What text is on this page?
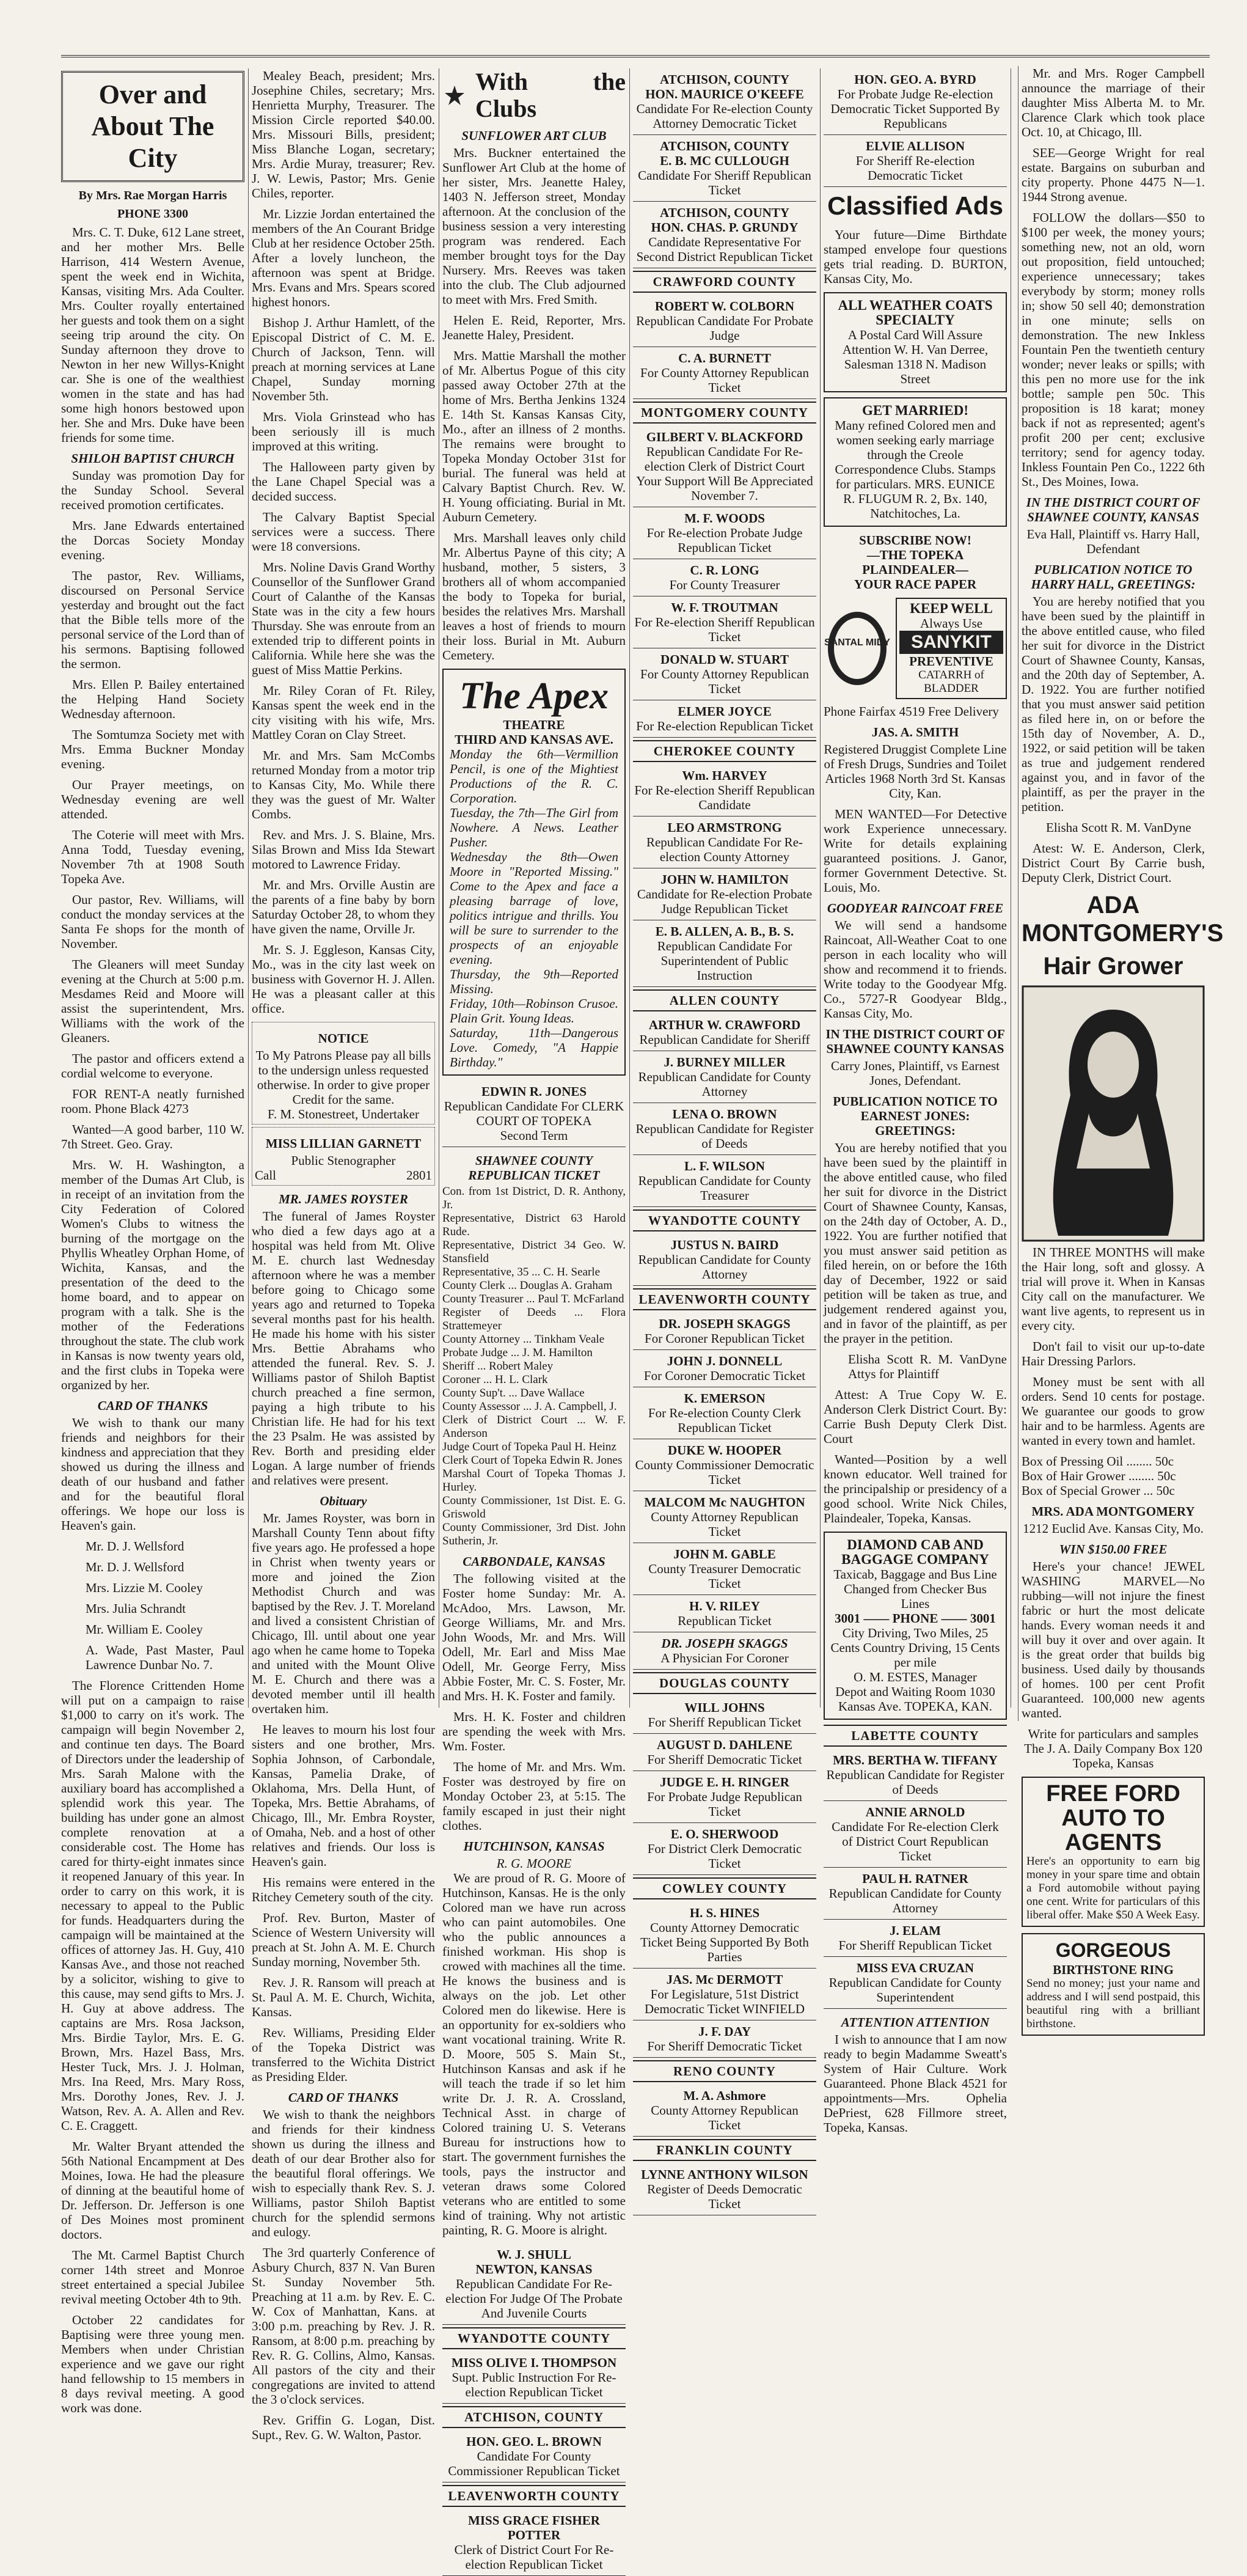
Over and About The City
By Mrs. Rae Morgan Harris
PHONE 3300

Mrs. C. T. Duke, 612 Lane street, and her mother Mrs. Belle Harrison, 414 Western Avenue, spent the week end in Wichita, Kansas, visiting Mrs. Ada Coulter. Mrs. Coulter royally entertained her guests and took them on a sight seeing trip around the city. On Sunday afternoon they drove to Newton in her new Willys-Knight car. She is one of the wealthiest women in the state and has had some high honors bestowed upon her. She and Mrs. Duke have been friends for some time.

SHILOH BAPTIST CHURCH

Sunday was promotion Day for the Sunday School. Several received promotion certificates.

Mrs. Jane Edwards entertained the Dorcas Society Monday evening.

The pastor, Rev. Williams, discoursed on Personal Service yesterday and brought out the fact that the Bible tells more of the personal service of the Lord than of his sermons. Baptising followed the sermon.

Mrs. Ellen P. Bailey entertained the Helping Hand Society Wednesday afternoon.

The Somtumza Society met with Mrs. Emma Buckner Monday evening.

Our Prayer meetings, on Wednesday evening are well attended.

The Coterie will meet with Mrs. Anna Todd, Tuesday evening, November 7th at 1908 South Topeka Ave.

Our pastor, Rev. Williams, will conduct the monday services at the Santa Fe shops for the month of November.

The Gleaners will meet Sunday evening at the Church at 5:00 p.m. Mesdames Reid and Moore will assist the superintendent, Mrs. Williams with the work of the Gleaners.

The pastor and officers extend a cordial welcome to everyone.

FOR RENT-A neatly furnished room. Phone Black 4273

Wanted—A good barber, 110 W. 7th Street. Geo. Gray.

Mrs. W. H. Washington, a member of the Dumas Art Club, is in receipt of an invitation from the City Federation of Colored Women's Clubs to witness the burning of the mortgage on the Phyllis Wheatley Orphan Home, of Wichita, Kansas, and the presentation of the deed to the home board, and to appear on program with a talk. She is the mother of the Federations throughout the state. The club work in Kansas is now twenty years old, and the first clubs in Topeka were organized by her.

CARD OF THANKS

We wish to thank our many friends and neighbors for their kindness and appreciation that they showed us during the illness and death of our husband and father and for the beautiful floral offerings. We hope our loss is Heaven's gain.

Mr. D. J. Wellsford
Mr. D. J. Wellsford
Mrs. Lizzie M. Cooley
Mrs. Julia Schrandt
Mr. William E. Cooley
A. Wade, Past Master, Paul Lawrence Dunbar No. 7.

The Florence Crittenden Home will put on a campaign to raise $1,000 to carry on it's work. The campaign will begin November 2, and continue ten days. The Board of Directors under the leadership of Mrs. Sarah Malone with the auxiliary board has accomplished a splendid work this year. The building has under gone an almost complete renovation at a considerable cost. The Home has cared for thirty-eight inmates since it reopened January of this year. In order to carry on this work, it is necessary to appeal to the Public for funds. Headquarters during the campaign will be maintained at the offices of attorney Jas. H. Guy, 410 Kansas Ave., and those not reached by a solicitor, wishing to give to this cause, may send gifts to Mrs. J. H. Guy at above address. The captains are Mrs. Rosa Jackson, Mrs. Birdie Taylor, Mrs. E. G. Brown, Mrs. Hazel Bass, Mrs. Hester Tuck, Mrs. J. J. Holman, Mrs. Ina Reed, Mrs. Mary Ross, Mrs. Dorothy Jones, Rev. J. J. Watson, Rev. A. A. Allen and Rev. C. E. Craggett.

Mr. Walter Bryant attended the 56th National Encampment at Des Moines, Iowa. He had the pleasure of dinning at the beautiful home of Dr. Jefferson. Dr. Jefferson is one of Des Moines most prominent doctors.

The Mt. Carmel Baptist Church corner 14th street and Monroe street entertained a special Jubilee revival meeting October 4th to 9th.

October 22 candidates for Baptising were three young men. Members when under Christian experience and we gave our right hand fellowship to 15 members in 8 days revival meeting. A good work was done.

Mealey Beach, president; Mrs. Josephine Chiles, secretary; Mrs. Henrietta Murphy, Treasurer. The Mission Circle reported $40.00. Mrs. Missouri Bills, president; Miss Blanche Logan, secretary; Mrs. Ardie Muray, treasurer; Rev. J. W. Lewis, Pastor; Mrs. Genie Chiles, reporter.

Mr. Lizzie Jordan entertained the members of the An Courant Bridge Club at her residence October 25th. After a lovely luncheon, the afternoon was spent at Bridge. Mrs. Evans and Mrs. Spears scored highest honors.

Bishop J. Arthur Hamlett, of the Episcopal District of C. M. E. Church of Jackson, Tenn. will preach at morning services at Lane Chapel, Sunday morning November 5th.

Mrs. Viola Grinstead who has been seriously ill is much improved at this writing.

The Halloween party given by the Lane Chapel Special was a decided success.

The Calvary Baptist Special services were a success. There were 18 conversions.

Mrs. Noline Davis Grand Worthy Counsellor of the Sunflower Grand Court of Calanthe of the Kansas State was in the city a few hours Thursday. She was enroute from an extended trip to different points in California. While here she was the guest of Miss Mattie Perkins.

Mr. Riley Coran of Ft. Riley, Kansas spent the week end in the city visiting with his wife, Mrs. Mattley Coran on Clay Street.

Mr. and Mrs. Sam McCombs returned Monday from a motor trip to Kansas City, Mo. While there they was the guest of Mr. Walter Combs.

Rev. and Mrs. J. S. Blaine, Mrs. Silas Brown and Miss Ida Stewart motored to Lawrence Friday.

Mr. and Mrs. Orville Austin are the parents of a fine baby by born Saturday October 28, to whom they have given the name, Orville Jr.

Mr. S. J. Eggleson, Kansas City, Mo., was in the city last week on business with Governor H. J. Allen. He was a pleasant caller at this office.

NOTICE
To My Patrons Please pay all bills to the undersign unless requested otherwise. In order to give proper Credit for the same.
F. M. Stonestreet, Undertaker
MISS LILLIAN GARNETT
Public Stenographer
Call	2801
MR. JAMES ROYSTER

The funeral of James Royster who died a few days ago at a hospital was held from Mt. Olive M. E. church last Wednesday afternoon where he was a member before going to Chicago some years ago and returned to Topeka several months past for his health. He made his home with his sister Mrs. Bettie Abrahams who attended the funeral. Rev. S. J. Williams pastor of Shiloh Baptist church preached a fine sermon, paying a high tribute to his Christian life. He had for his text the 23 Psalm. He was assisted by Rev. Borth and presiding elder Logan. A large number of friends and relatives were present.

Obituary

Mr. James Royster, was born in Marshall County Tenn about fifty five years ago. He professed a hope in Christ when twenty years or more and joined the Zion Methodist Church and was baptised by the Rev. J. T. Moreland and lived a consistent Christian of Chicago, Ill. until about one year ago when he came home to Topeka and united with the Mount Olive M. E. Church and there was a devoted member until ill health overtaken him.

He leaves to mourn his lost four sisters and one brother, Mrs. Sophia Johnson, of Carbondale, Kansas, Pamelia Drake, of Oklahoma, Mrs. Della Hunt, of Topeka, Mrs. Bettie Abrahams, of Chicago, Ill., Mr. Embra Royster, of Omaha, Neb. and a host of other relatives and friends. Our loss is Heaven's gain.

His remains were entered in the Ritchey Cemetery south of the city.

Prof. Rev. Burton, Master of Science of Western University will preach at St. John A. M. E. Church Sunday morning, November 5th.

Rev. J. R. Ransom will preach at St. Paul A. M. E. Church, Wichita, Kansas.

Rev. Williams, Presiding Elder of the Topeka District was transferred to the Wichita District as Presiding Elder.

CARD OF THANKS

We wish to thank the neighbors and friends for their kindness shown us during the illness and death of our dear Brother also for the beautiful floral offerings. We wish to especially thank Rev. S. J. Williams, pastor Shiloh Baptist church for the splendid sermons and eulogy.

The 3rd quarterly Conference of Asbury Church, 837 N. Van Buren St. Sunday November 5th. Preaching at 11 a.m. by Rev. E. C. W. Cox of Manhattan, Kans. at 3:00 p.m. preaching by Rev. J. R. Ransom, at 8:00 p.m. preaching by Rev. R. G. Collins, Almo, Kansas. All pastors of the city and their congregations are invited to attend the 3 o'clock services.

Rev. Griffin G. Logan, Dist. Supt., Rev. G. W. Walton, Pastor.

With the Clubs
SUNFLOWER ART CLUB

Mrs. Buckner entertained the Sunflower Art Club at the home of her sister, Mrs. Jeanette Haley, 1403 N. Jefferson street, Monday afternoon. At the conclusion of the business session a very interesting program was rendered. Each member brought toys for the Day Nursery. Mrs. Reeves was taken into the club. The Club adjourned to meet with Mrs. Fred Smith.

Helen E. Reid, Reporter, Mrs. Jeanette Haley, President.

Mrs. Mattie Marshall the mother of Mr. Albertus Pogue of this city passed away October 27th at the home of Mrs. Bertha Jenkins 1324 E. 14th St. Kansas Kansas City, Mo., after an illness of 2 months. The remains were brought to Topeka Monday October 31st for burial. The funeral was held at Calvary Baptist Church. Rev. W. H. Young officiating. Burial in Mt. Auburn Cemetery.

Mrs. Marshall leaves only child Mr. Albertus Payne of this city; A husband, mother, 5 sisters, 3 brothers all of whom accompanied the body to Topeka for burial, besides the relatives Mrs. Marshall leaves a host of friends to mourn their loss. Burial in Mt. Auburn Cemetery.

The Apex
THEATRE
THIRD AND KANSAS AVE.
Monday the 6th—Vermillion Pencil, is one of the Mightiest Productions of the R. C. Corporation.
Tuesday, the 7th—The Girl from Nowhere. A News. Leather Pusher.
Wednesday the 8th—Owen Moore in "Reported Missing." Come to the Apex and face a pleasing barrage of love, politics intrigue and thrills. You will be sure to surrender to the prospects of an enjoyable evening.
Thursday, the 9th—Reported Missing.
Friday, 10th—Robinson Crusoe. Plain Grit. Young Ideas.
Saturday, 11th—Dangerous Love. Comedy, "A Happie Birthday."
EDWIN R. JONES
Republican Candidate For CLERK COURT OF TOPEKA
Second Term
SHAWNEE COUNTY REPUBLICAN TICKET
Con. from 1st District, D. R. Anthony, Jr.
Representative, District 63 Harold Rude.
Representative, District 34 Geo. W. Stansfield
Representative, 35 ... C. H. Searle
County Clerk ... Douglas A. Graham
County Treasurer ... Paul T. McFarland
Register of Deeds ... Flora Strattemeyer
County Attorney ... Tinkham Veale
Probate Judge ... J. M. Hamilton
Sheriff ... Robert Maley
Coroner ... H. L. Clark
County Sup't. ... Dave Wallace
County Assessor ... J. A. Campbell, J.
Clerk of District Court ... W. F. Anderson
Judge Court of Topeka Paul H. Heinz
Clerk Court of Topeka Edwin R. Jones
Marshal Court of Topeka Thomas J. Hurley.
County Commissioner, 1st Dist. E. G. Griswold
County Commissioner, 3rd Dist. John Sutherin, Jr.
CARBONDALE, KANSAS

The following visited at the Foster home Sunday: Mr. A. McAdoo, Mrs. Lawson, Mr. George Williams, Mr. and Mrs. John Woods, Mr. and Mrs. Will Odell, Mr. Earl and Miss Mae Odell, Mr. George Ferry, Miss Abbie Foster, Mr. C. S. Foster, Mr. and Mrs. H. K. Foster and family.

Mrs. H. K. Foster and children are spending the week with Mrs. Wm. Foster.

The home of Mr. and Mrs. Wm. Foster was destroyed by fire on Monday October 23, at 5:15. The family escaped in just their night clothes.

HUTCHINSON, KANSAS
R. G. MOORE

We are proud of R. G. Moore of Hutchinson, Kansas. He is the only Colored man we have run across who can paint automobiles. One who the public announces a finished workman. His shop is crowed with machines all the time. He knows the business and is always on the job. Let other Colored men do likewise. Here is an opportunity for ex-soldiers who want vocational training. Write R. D. Moore, 505 S. Main St., Hutchinson Kansas and ask if he will teach the trade if so let him write Dr. J. R. A. Crossland, Technical Asst. in charge of Colored training U. S. Veterans Bureau for instructions how to start. The government furnishes the tools, pays the instructor and veteran draws some Colored veterans who are entitled to some kind of training. Why not artistic painting, R. G. Moore is alright.

W. J. SHULL
NEWTON, KANSAS
Republican Candidate For Re-election For Judge Of The Probate And Juvenile Courts
WYANDOTTE COUNTY
MISS OLIVE I. THOMPSON
Supt. Public Instruction For Re-election Republican Ticket
ATCHISON, COUNTY
HON. GEO. L. BROWN
Candidate For County Commissioner Republican Ticket
LEAVENWORTH COUNTY
MISS GRACE FISHER POTTER
Clerk of District Court For Re-election Republican Ticket
ATCHISON, COUNTY
HON. MAURICE O'KEEFE
Candidate For Re-election County Attorney Democratic Ticket
ATCHISON, COUNTY
E. B. MC CULLOUGH
Candidate For Sheriff Republican Ticket
ATCHISON, COUNTY
HON. CHAS. P. GRUNDY
Candidate Representative For Second District Republican Ticket
CRAWFORD COUNTY
ROBERT W. COLBORN
Republican Candidate For Probate Judge
C. A. BURNETT
For County Attorney Republican Ticket
MONTGOMERY COUNTY
GILBERT V. BLACKFORD
Republican Candidate For Re-election Clerk of District Court Your Support Will Be Appreciated November 7.
M. F. WOODS
For Re-election Probate Judge Republican Ticket
C. R. LONG
For County Treasurer
W. F. TROUTMAN
For Re-election Sheriff Republican Ticket
DONALD W. STUART
For County Attorney Republican Ticket
ELMER JOYCE
For Re-election Republican Ticket
CHEROKEE COUNTY
Wm. HARVEY
For Re-election Sheriff Republican Candidate
LEO ARMSTRONG
Republican Candidate For Re-election County Attorney
JOHN W. HAMILTON
Candidate for Re-election Probate Judge Republican Ticket
E. B. ALLEN, A. B., B. S.
Republican Candidate For Superintendent of Public Instruction
ALLEN COUNTY
ARTHUR W. CRAWFORD
Republican Candidate for Sheriff
J. BURNEY MILLER
Republican Candidate for County Attorney
LENA O. BROWN
Republican Candidate for Register of Deeds
L. F. WILSON
Republican Candidate for County Treasurer
WYANDOTTE COUNTY
JUSTUS N. BAIRD
Republican Candidate for County Attorney
LEAVENWORTH COUNTY
DR. JOSEPH SKAGGS
For Coroner Republican Ticket
JOHN J. DONNELL
For Coroner Democratic Ticket
K. EMERSON
For Re-election County Clerk Republican Ticket
DUKE W. HOOPER
County Commissioner Democratic Ticket
MALCOM Mc NAUGHTON
County Attorney Republican Ticket
JOHN M. GABLE
County Treasurer Democratic Ticket
H. V. RILEY
Republican Ticket
DR. JOSEPH SKAGGS
A Physician For Coroner
DOUGLAS COUNTY
WILL JOHNS
For Sheriff Republican Ticket
AUGUST D. DAHLENE
For Sheriff Democratic Ticket
JUDGE E. H. RINGER
For Probate Judge Republican Ticket
E. O. SHERWOOD
For District Clerk Democratic Ticket
COWLEY COUNTY
H. S. HINES
County Attorney Democratic Ticket Being Supported By Both Parties
JAS. Mc DERMOTT
For Legislature, 51st District Democratic Ticket WINFIELD
J. F. DAY
For Sheriff Democratic Ticket
RENO COUNTY
M. A. Ashmore
County Attorney Republican Ticket
FRANKLIN COUNTY
LYNNE ANTHONY WILSON
Register of Deeds Democratic Ticket
HON. GEO. A. BYRD
For Probate Judge Re-election Democratic Ticket Supported By Republicans
ELVIE ALLISON
For Sheriff Re-election Democratic Ticket
Classified Ads

Your future—Dime Birthdate stamped envelope four questions gets trial reading. D. BURTON, Kansas City, Mo.

ALL WEATHER COATS SPECIALTY
A Postal Card Will Assure Attention W. H. Van Derree, Salesman 1318 N. Madison Street
GET MARRIED!
Many refined Colored men and women seeking early marriage through the Creole Correspondence Clubs. Stamps for particulars. MRS. EUNICE R. FLUGUM R. 2, Bx. 140, Natchitoches, La.
SUBSCRIBE NOW!
—THE TOPEKA PLAINDEALER—
YOUR RACE PAPER
SANTAL MIDY
KEEP WELL
Always Use
SANYKIT
PREVENTIVE
CATARRH of BLADDER
Phone Fairfax 4519 Free Delivery
JAS. A. SMITH
Registered Druggist Complete Line of Fresh Drugs, Sundries and Toilet Articles 1968 North 3rd St. Kansas City, Kan.

MEN WANTED—For Detective work Experience unnecessary. Write for details explaining guaranteed positions. J. Ganor, former Government Detective. St. Louis, Mo.

GOODYEAR RAINCOAT FREE

We will send a handsome Raincoat, All-Weather Coat to one person in each locality who will show and recommend it to friends. Write today to the Goodyear Mfg. Co., 5727-R Goodyear Bldg., Kansas City, Mo.

IN THE DISTRICT COURT OF SHAWNEE COUNTY KANSAS
Carry Jones, Plaintiff, vs Earnest Jones, Defendant.
PUBLICATION NOTICE TO EARNEST JONES: GREETINGS:

You are hereby notified that you have been sued by the plaintiff in the above entitled cause, who filed her suit for divorce in the District Court of Shawnee County, Kansas, on the 24th day of October, A. D., 1922. You are further notified that you must answer said petition as filed herein, on or before the 16th day of December, 1922 or said petition will be taken as true, and judgement rendered against you, and in favor of the plaintiff, as per the prayer in the petition.

Elisha Scott R. M. VanDyne Attys for Plaintiff

Attest: A True Copy W. E. Anderson Clerk District Court. By: Carrie Bush Deputy Clerk Dist. Court

Wanted—Position by a well known educator. Well trained for the principalship or presidency of a good school. Write Nick Chiles, Plaindealer, Topeka, Kansas.

DIAMOND CAB AND BAGGAGE COMPANY
Taxicab, Baggage and Bus Line Changed from Checker Bus Lines
3001 —— PHONE —— 3001
City Driving, Two Miles, 25 Cents Country Driving, 15 Cents per mile
O. M. ESTES, Manager
Depot and Waiting Room 1030 Kansas Ave. TOPEKA, KAN.
LABETTE COUNTY
MRS. BERTHA W. TIFFANY
Republican Candidate for Register of Deeds
ANNIE ARNOLD
Candidate For Re-election Clerk of District Court Republican Ticket
PAUL H. RATNER
Republican Candidate for County Attorney
J. ELAM
For Sheriff Republican Ticket
MISS EVA CRUZAN
Republican Candidate for County Superintendent
ATTENTION ATTENTION

I wish to announce that I am now ready to begin Madamme Sweatt's System of Hair Culture. Work Guaranteed. Phone Black 4521 for appointments—Mrs. Ophelia DePriest, 628 Fillmore street, Topeka, Kansas.

Mr. and Mrs. Roger Campbell announce the marriage of their daughter Miss Alberta M. to Mr. Clarence Clark which took place Oct. 10, at Chicago, Ill.

SEE—George Wright for real estate. Bargains on suburban and city property. Phone 4475 N—1. 1944 Strong avenue.

FOLLOW the dollars—$50 to $100 per week, the money yours; something new, not an old, worn out proposition, field untouched; experience unnecessary; takes everybody by storm; money rolls in; show 50 sell 40; demonstration in one minute; sells on demonstration. The new Inkless Fountain Pen the twentieth century wonder; never leaks or spills; with this pen no more use for the ink bottle; sample pen 50c. This proposition is 18 karat; money back if not as represented; agent's profit 200 per cent; exclusive territory; send for agency today. Inkless Fountain Pen Co., 1222 6th St., Des Moines, Iowa.

IN THE DISTRICT COURT OF SHAWNEE COUNTY, KANSAS
Eva Hall, Plaintiff vs. Harry Hall, Defendant
PUBLICATION NOTICE TO HARRY HALL, GREETINGS:

You are hereby notified that you have been sued by the plaintiff in the above entitled cause, who filed her suit for divorce in the District Court of Shawnee County, Kansas, and the 20th day of September, A. D. 1922. You are further notified that you must answer said petition as filed here in, on or before the 15th day of November, A. D., 1922, or said petition will be taken as true and judgement rendered against you, and in favor of the plaintiff, as per the prayer in the petition.

Elisha Scott R. M. VanDyne

Atest: W. E. Anderson, Clerk, District Court By Carrie bush, Deputy Clerk, District Court.

ADA MONTGOMERY'S
Hair Grower

IN THREE MONTHS will make the Hair long, soft and glossy. A trial will prove it. When in Kansas City call on the manufacturer. We want live agents, to represent us in every city.

Don't fail to visit our up-to-date Hair Dressing Parlors.

Money must be sent with all orders. Send 10 cents for postage. We guarantee our goods to grow hair and to be harmless. Agents are wanted in every town and hamlet.

Box of Pressing Oil ........ 50c
Box of Hair Grower ........ 50c
Box of Special Grower ... 50c
MRS. ADA MONTGOMERY
1212 Euclid Ave. Kansas City, Mo.
WIN $150.00 FREE

Here's your chance! JEWEL WASHING MARVEL—No rubbing—will not injure the finest fabric or hurt the most delicate hands. Every woman needs it and will buy it over and over again. It is the great order that builds big business. Used daily by thousands of homes. 100 per cent Profit Guaranteed. 100,000 new agents wanted.

Write for particulars and samples The J. A. Daily Company Box 120 Topeka, Kansas
FREE FORD AUTO TO AGENTS
Here's an opportunity to earn big money in your spare time and obtain a Ford automobile without paying one cent. Write for particulars of this liberal offer. Make $50 A Week Easy.
GORGEOUS
BIRTHSTONE RING
Send no money; just your name and address and I will send postpaid, this beautiful ring with a brilliant birthstone.
